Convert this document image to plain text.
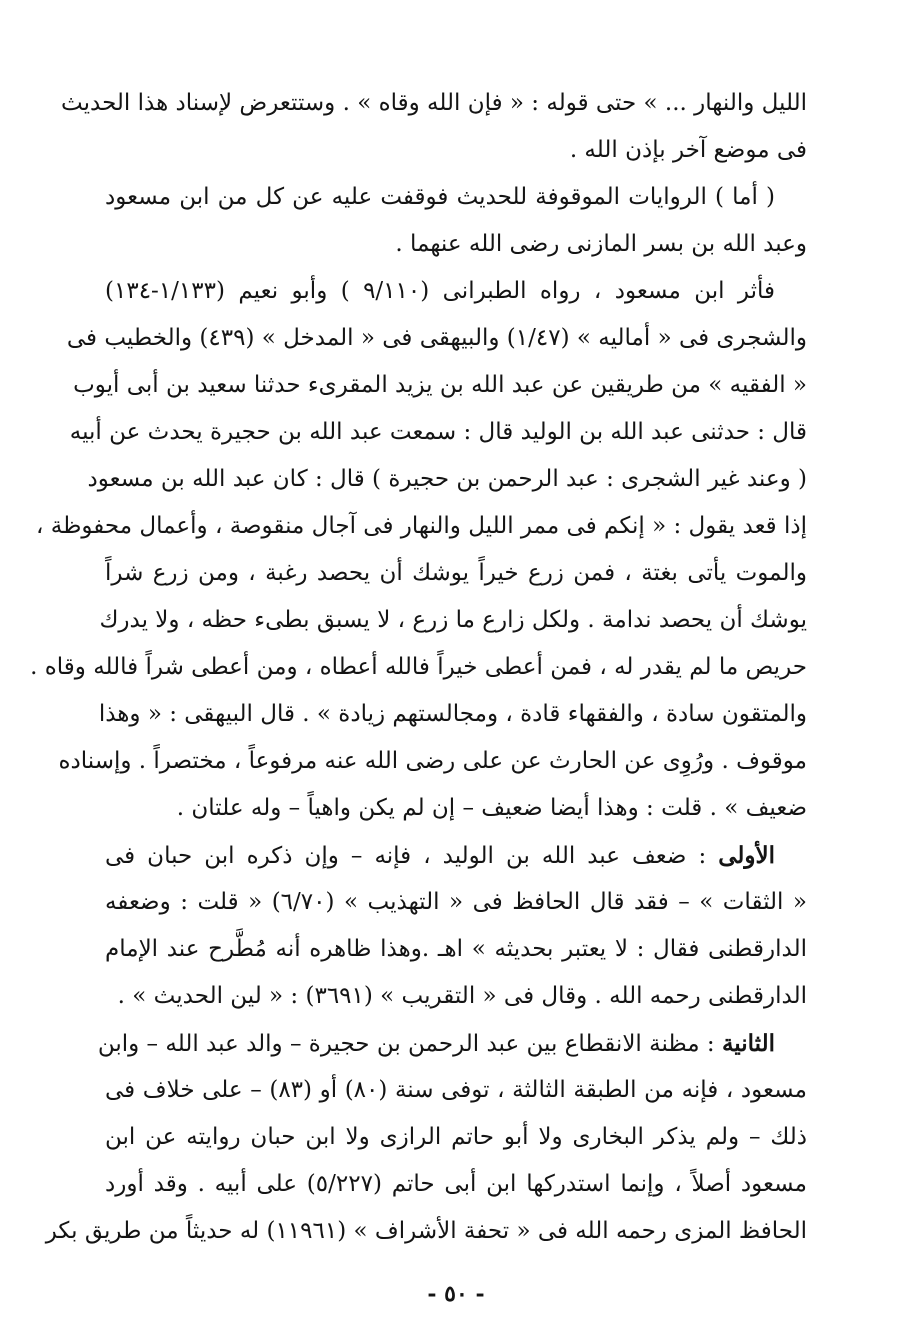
الليل والنهار ... » حتى قوله : « فإن الله وقاه » . وستتعرض لإسناد هذا الحديث
فى موضع آخر بإذن الله .
( أما ) الروايات الموقوفة للحديث فوقفت عليه عن كل من ابن مسعود
وعبد الله بن بسر المازنى رضى الله عنهما .
فأثر ابن مسعود ، رواه الطبرانى (٩/١١٠ ) وأبو نعيم (١/١٣٣-١٣٤)
والشجرى فى « أماليه » (١/٤٧) والبيهقى فى « المدخل » (٤٣٩) والخطيب فى
« الفقيه » من طريقين عن عبد الله بن يزيد المقرىء حدثنا سعيد بن أبى أيوب
قال : حدثنى عبد الله بن الوليد قال : سمعت عبد الله بن حجيرة يحدث عن أبيه
( وعند غير الشجرى : عبد الرحمن بن حجيرة ) قال : كان عبد الله بن مسعود
إذا قعد يقول : « إنكم فى ممر الليل والنهار فى آجال منقوصة ، وأعمال محفوظة ،
والموت يأتى بغتة ، فمن زرع خيراً يوشك أن يحصد رغبة ، ومن زرع شراً
يوشك أن يحصد ندامة . ولكل زارع ما زرع ، لا يسبق بطىء حظه ، ولا يدرك
حريص ما لم يقدر له ، فمن أعطى خيراً فالله أعطاه ، ومن أعطى شراً فالله وقاه .
والمتقون سادة ، والفقهاء قادة ، ومجالستهم زيادة » . قال البيهقى : « وهذا
موقوف . ورُوِى عن الحارث عن على رضى الله عنه مرفوعاً ، مختصراً . وإسناده
ضعيف » . قلت : وهذا أيضا ضعيف – إن لم يكن واهياً – وله علتان .
الأولى : ضعف عبد الله بن الوليد ، فإنه – وإن ذكره ابن حبان فى
« الثقات » – فقد قال الحافظ فى « التهذيب » (٦/٧٠) « قلت : وضعفه
الدارقطنى فقال : لا يعتبر بحديثه » اهـ .وهذا ظاهره أنه مُطَّرح عند الإمام
الدارقطنى رحمه الله . وقال فى « التقريب » (٣٦٩١) : « لين الحديث » .
الثانية : مظنة الانقطاع بين عبد الرحمن بن حجيرة – والد عبد الله – وابن
مسعود ، فإنه من الطبقة الثالثة ، توفى سنة (٨٠) أو (٨٣) – على خلاف فى
ذلك – ولم يذكر البخارى ولا أبو حاتم الرازى ولا ابن حبان روايته عن ابن
مسعود أصلاً ، وإنما استدركها ابن أبى حاتم (٥/٢٢٧) على أبيه . وقد أورد
الحافظ المزى رحمه الله فى « تحفة الأشراف » (١١٩٦١) له حديثاً من طريق بكر
- ٥٠ -
